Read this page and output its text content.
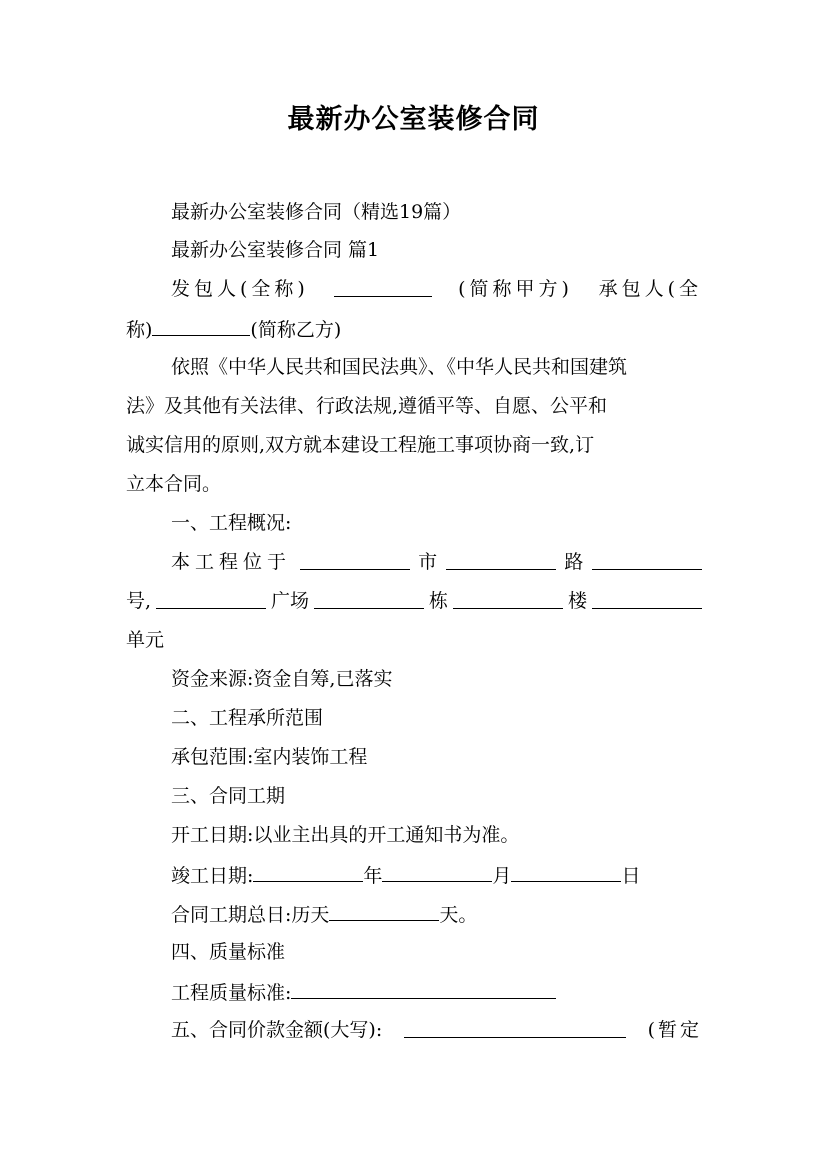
最新办公室装修合同
最新办公室装修合同（精选19篇）
最新办公室装修合同 篇1
发包人(全称)	(简称甲方) 承包人(全
称)	(简称乙方)
依照《中华人民共和国民法典》、《中华人民共和国建筑
法》及其他有关法律、行政法规,遵循平等、自愿、公平和
诚实信用的原则,双方就本建设工程施工事项协商一致,订
立本合同。
一、工程概况:
本工程位于	市	路
号,	广场	栋	楼
单元
资金来源:资金自筹,已落实
二、工程承所范围
承包范围:室内装饰工程
三、合同工期
开工日期:以业主出具的开工通知书为准。
竣工日期:	年	月	日
合同工期总日:历天	天。
四、质量标准
工程质量标准:
五、合同价款金额(大写):	(暂定
